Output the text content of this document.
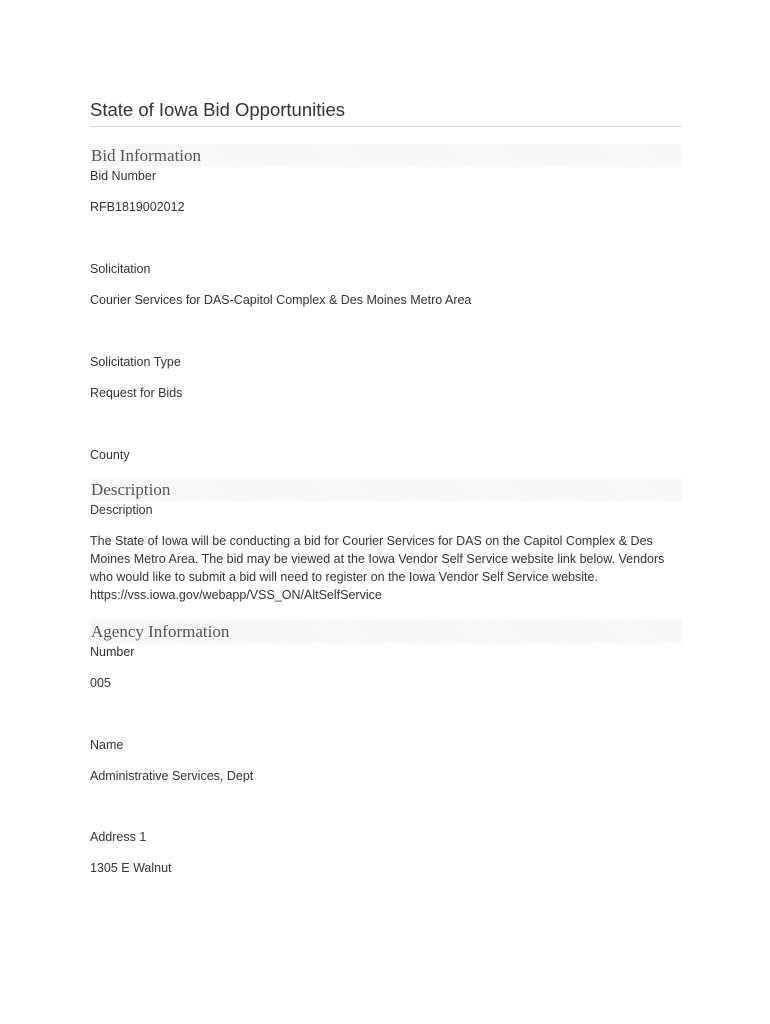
State of Iowa Bid Opportunities
Bid Information

Bid Number

RFB1819002012

Solicitation

Courier Services for DAS-Capitol Complex & Des Moines Metro Area

Solicitation Type

Request for Bids

County

Description

Description

The State of Iowa will be conducting a bid for Courier Services for DAS on the Capitol Complex & Des Moines Metro Area. The bid may be viewed at the Iowa Vendor Self Service website link below. Vendors who would like to submit a bid will need to register on the Iowa Vendor Self Service website. https://vss.iowa.gov/webapp/VSS_ON/AltSelfService

Agency Information

Number

005

Name

Administrative Services, Dept

Address 1

1305 E Walnut
